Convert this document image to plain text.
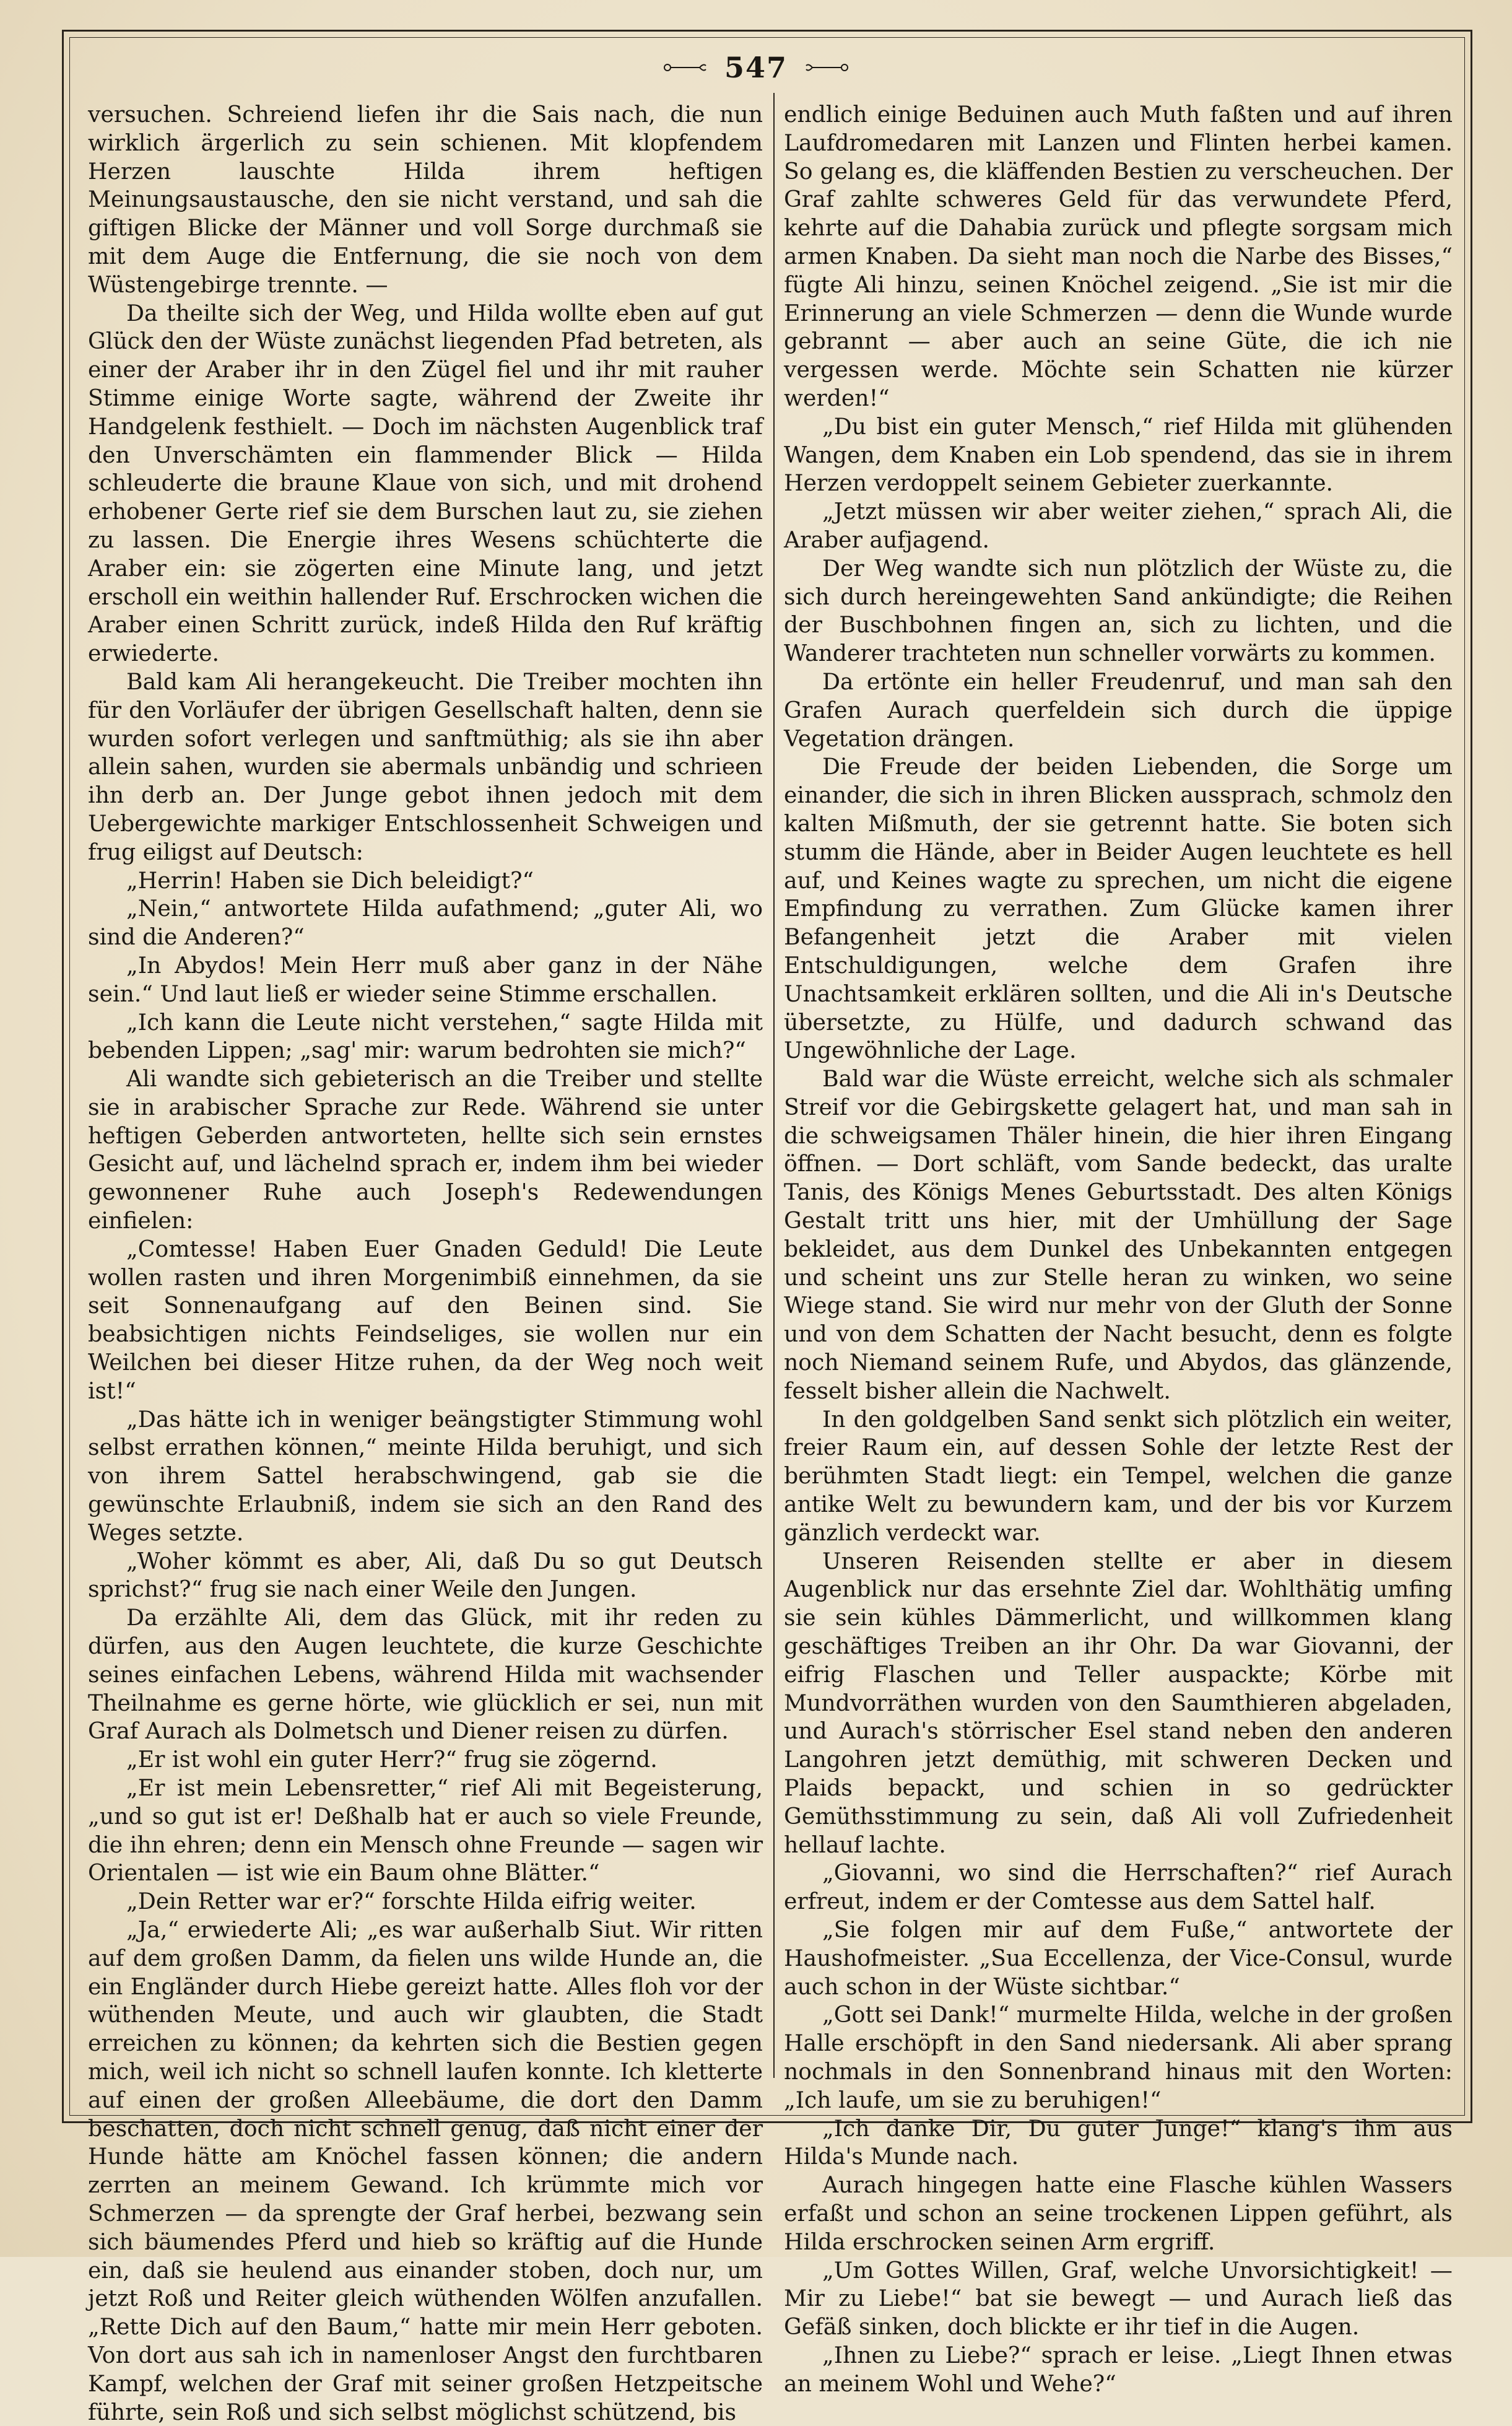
547

versuchen. Schreiend liefen ihr die Sais nach, die nun wirklich ärgerlich zu sein schienen. Mit klopfendem Herzen lauschte Hilda ihrem heftigen Meinungsaustausche, den sie nicht verstand, und sah die giftigen Blicke der Männer und voll Sorge durchmaß sie mit dem Auge die Entfernung, die sie noch von dem Wüstengebirge trennte. —

Da theilte sich der Weg, und Hilda wollte eben auf gut Glück den der Wüste zunächst liegenden Pfad betreten, als einer der Araber ihr in den Zügel fiel und ihr mit rauher Stimme einige Worte sagte, während der Zweite ihr Handgelenk festhielt. — Doch im nächsten Augenblick traf den Unverschämten ein flammender Blick — Hilda schleuderte die braune Klaue von sich, und mit drohend erhobener Gerte rief sie dem Burschen laut zu, sie ziehen zu lassen. Die Energie ihres Wesens schüchterte die Araber ein: sie zögerten eine Minute lang, und jetzt erscholl ein weithin hallender Ruf. Erschrocken wichen die Araber einen Schritt zurück, indeß Hilda den Ruf kräftig erwiederte.

Bald kam Ali herangekeucht. Die Treiber mochten ihn für den Vorläufer der übrigen Gesellschaft halten, denn sie wurden sofort verlegen und sanftmüthig; als sie ihn aber allein sahen, wurden sie abermals unbändig und schrieen ihn derb an. Der Junge gebot ihnen jedoch mit dem Uebergewichte markiger Entschlossenheit Schweigen und frug eiligst auf Deutsch:

„Herrin! Haben sie Dich beleidigt?“

„Nein,“ antwortete Hilda aufathmend; „guter Ali, wo sind die Anderen?“

„In Abydos! Mein Herr muß aber ganz in der Nähe sein.“ Und laut ließ er wieder seine Stimme erschallen.

„Ich kann die Leute nicht verstehen,“ sagte Hilda mit bebenden Lippen; „sag' mir: warum bedrohten sie mich?“

Ali wandte sich gebieterisch an die Treiber und stellte sie in arabischer Sprache zur Rede. Während sie unter heftigen Geberden antworteten, hellte sich sein ernstes Gesicht auf, und lächelnd sprach er, indem ihm bei wieder gewonnener Ruhe auch Joseph's Redewendungen einfielen:

„Comtesse! Haben Euer Gnaden Geduld! Die Leute wollen rasten und ihren Morgenimbiß einnehmen, da sie seit Sonnenaufgang auf den Beinen sind. Sie beabsichtigen nichts Feindseliges, sie wollen nur ein Weilchen bei dieser Hitze ruhen, da der Weg noch weit ist!“

„Das hätte ich in weniger beängstigter Stimmung wohl selbst errathen können,“ meinte Hilda beruhigt, und sich von ihrem Sattel herabschwingend, gab sie die gewünschte Erlaubniß, indem sie sich an den Rand des Weges setzte.

„Woher kömmt es aber, Ali, daß Du so gut Deutsch sprichst?“ frug sie nach einer Weile den Jungen.

Da erzählte Ali, dem das Glück, mit ihr reden zu dürfen, aus den Augen leuchtete, die kurze Geschichte seines einfachen Lebens, während Hilda mit wachsender Theilnahme es gerne hörte, wie glücklich er sei, nun mit Graf Aurach als Dolmetsch und Diener reisen zu dürfen.

„Er ist wohl ein guter Herr?“ frug sie zögernd.

„Er ist mein Lebensretter,“ rief Ali mit Begeisterung, „und so gut ist er! Deßhalb hat er auch so viele Freunde, die ihn ehren; denn ein Mensch ohne Freunde — sagen wir Orientalen — ist wie ein Baum ohne Blätter.“

„Dein Retter war er?“ forschte Hilda eifrig weiter.

„Ja,“ erwiederte Ali; „es war außerhalb Siut. Wir ritten auf dem großen Damm, da fielen uns wilde Hunde an, die ein Engländer durch Hiebe gereizt hatte. Alles floh vor der wüthenden Meute, und auch wir glaubten, die Stadt erreichen zu können; da kehrten sich die Bestien gegen mich, weil ich nicht so schnell laufen konnte. Ich kletterte auf einen der großen Alleebäume, die dort den Damm beschatten, doch nicht schnell genug, daß nicht einer der Hunde hätte am Knöchel fassen können; die andern zerrten an meinem Gewand. Ich krümmte mich vor Schmerzen — da sprengte der Graf herbei, bezwang sein sich bäumendes Pferd und hieb so kräftig auf die Hunde ein, daß sie heulend aus einander stoben, doch nur, um jetzt Roß und Reiter gleich wüthenden Wölfen anzufallen. „Rette Dich auf den Baum,“ hatte mir mein Herr geboten. Von dort aus sah ich in namenloser Angst den furchtbaren Kampf, welchen der Graf mit seiner großen Hetzpeitsche führte, sein Roß und sich selbst möglichst schützend, bis

endlich einige Beduinen auch Muth faßten und auf ihren Laufdromedaren mit Lanzen und Flinten herbei kamen. So gelang es, die kläffenden Bestien zu verscheuchen. Der Graf zahlte schweres Geld für das verwundete Pferd, kehrte auf die Dahabia zurück und pflegte sorgsam mich armen Knaben. Da sieht man noch die Narbe des Bisses,“ fügte Ali hinzu, seinen Knöchel zeigend. „Sie ist mir die Erinnerung an viele Schmerzen — denn die Wunde wurde gebrannt — aber auch an seine Güte, die ich nie vergessen werde. Möchte sein Schatten nie kürzer werden!“

„Du bist ein guter Mensch,“ rief Hilda mit glühenden Wangen, dem Knaben ein Lob spendend, das sie in ihrem Herzen verdoppelt seinem Gebieter zuerkannte.

„Jetzt müssen wir aber weiter ziehen,“ sprach Ali, die Araber aufjagend.

Der Weg wandte sich nun plötzlich der Wüste zu, die sich durch hereingewehten Sand ankündigte; die Reihen der Buschbohnen fingen an, sich zu lichten, und die Wanderer trachteten nun schneller vorwärts zu kommen.

Da ertönte ein heller Freudenruf, und man sah den Grafen Aurach querfeldein sich durch die üppige Vegetation drängen.

Die Freude der beiden Liebenden, die Sorge um einander, die sich in ihren Blicken aussprach, schmolz den kalten Mißmuth, der sie getrennt hatte. Sie boten sich stumm die Hände, aber in Beider Augen leuchtete es hell auf, und Keines wagte zu sprechen, um nicht die eigene Empfindung zu verrathen. Zum Glücke kamen ihrer Befangenheit jetzt die Araber mit vielen Entschuldigungen, welche dem Grafen ihre Unachtsamkeit erklären sollten, und die Ali in's Deutsche übersetzte, zu Hülfe, und dadurch schwand das Ungewöhnliche der Lage.

Bald war die Wüste erreicht, welche sich als schmaler Streif vor die Gebirgskette gelagert hat, und man sah in die schweigsamen Thäler hinein, die hier ihren Eingang öffnen. — Dort schläft, vom Sande bedeckt, das uralte Tanis, des Königs Menes Geburtsstadt. Des alten Königs Gestalt tritt uns hier, mit der Umhüllung der Sage bekleidet, aus dem Dunkel des Unbekannten entgegen und scheint uns zur Stelle heran zu winken, wo seine Wiege stand. Sie wird nur mehr von der Gluth der Sonne und von dem Schatten der Nacht besucht, denn es folgte noch Niemand seinem Rufe, und Abydos, das glänzende, fesselt bisher allein die Nachwelt.

In den goldgelben Sand senkt sich plötzlich ein weiter, freier Raum ein, auf dessen Sohle der letzte Rest der berühmten Stadt liegt: ein Tempel, welchen die ganze antike Welt zu bewundern kam, und der bis vor Kurzem gänzlich verdeckt war.

Unseren Reisenden stellte er aber in diesem Augenblick nur das ersehnte Ziel dar. Wohlthätig umfing sie sein kühles Dämmerlicht, und willkommen klang geschäftiges Treiben an ihr Ohr. Da war Giovanni, der eifrig Flaschen und Teller auspackte; Körbe mit Mundvorräthen wurden von den Saumthieren abgeladen, und Aurach's störrischer Esel stand neben den anderen Langohren jetzt demüthig, mit schweren Decken und Plaids bepackt, und schien in so gedrückter Gemüthsstimmung zu sein, daß Ali voll Zufriedenheit hellauf lachte.

„Giovanni, wo sind die Herrschaften?“ rief Aurach erfreut, indem er der Comtesse aus dem Sattel half.

„Sie folgen mir auf dem Fuße,“ antwortete der Haushofmeister. „Sua Eccellenza, der Vice-Consul, wurde auch schon in der Wüste sichtbar.“

„Gott sei Dank!“ murmelte Hilda, welche in der großen Halle erschöpft in den Sand niedersank. Ali aber sprang nochmals in den Sonnenbrand hinaus mit den Worten: „Ich laufe, um sie zu beruhigen!“

„Ich danke Dir, Du guter Junge!“ klang's ihm aus Hilda's Munde nach.

Aurach hingegen hatte eine Flasche kühlen Wassers erfaßt und schon an seine trockenen Lippen geführt, als Hilda erschrocken seinen Arm ergriff.

„Um Gottes Willen, Graf, welche Unvorsichtigkeit! — Mir zu Liebe!“ bat sie bewegt — und Aurach ließ das Gefäß sinken, doch blickte er ihr tief in die Augen.

„Ihnen zu Liebe?“ sprach er leise. „Liegt Ihnen etwas an meinem Wohl und Wehe?“
